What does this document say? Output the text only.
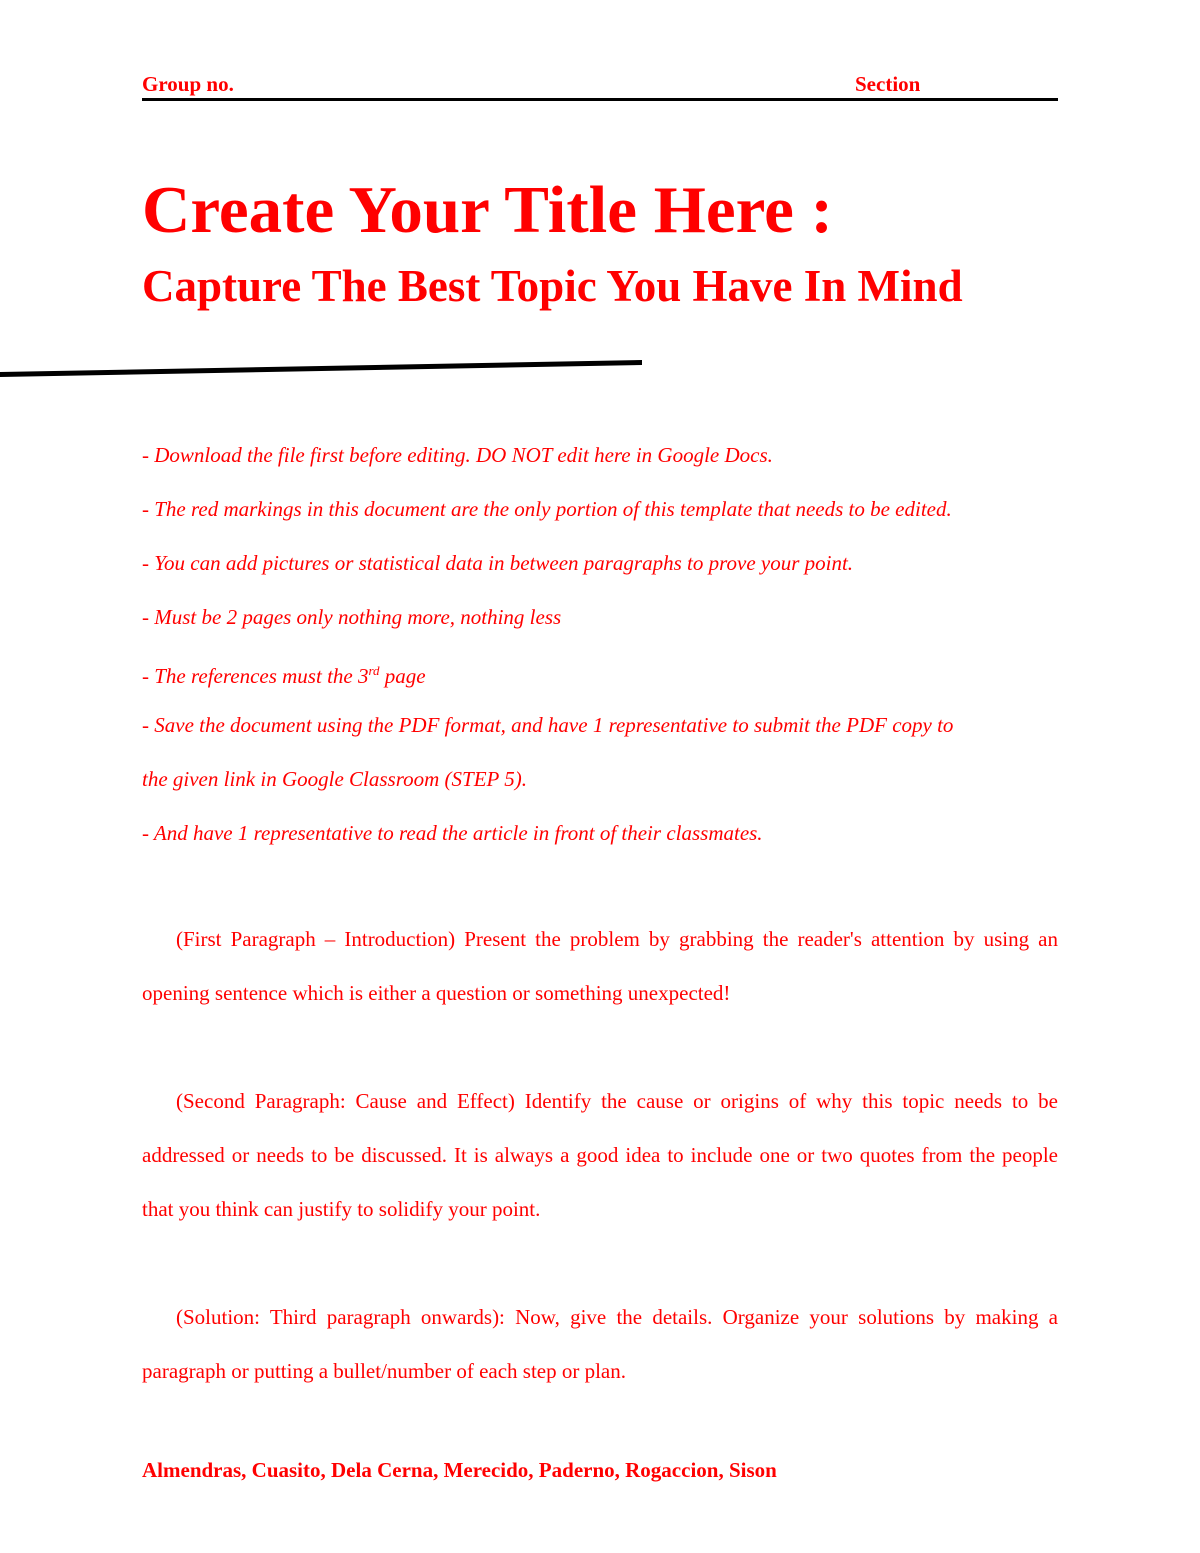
Group no.	Section
Create Your Title Here :
Capture The Best Topic You Have In Mind
- Download the file first before editing. DO NOT edit here in Google Docs.
- The red markings in this document are the only portion of this template that needs to be edited.
- You can add pictures or statistical data in between paragraphs to prove your point.
- Must be 2 pages only nothing more, nothing less
- The references must the 3rd page
- Save the document using the PDF format, and have 1 representative to submit the PDF copy to
the given link in Google Classroom (STEP 5).
- And have 1 representative to read the article in front of their classmates.
(First Paragraph – Introduction) Present the problem by grabbing the reader's attention by using an opening sentence which is either a question or something unexpected!
(Second Paragraph: Cause and Effect) Identify the cause or origins of why this topic needs to be addressed or needs to be discussed. It is always a good idea to include one or two quotes from the people that you think can justify to solidify your point.
(Solution: Third paragraph onwards): Now, give the details. Organize your solutions by making a paragraph or putting a bullet/number of each step or plan.
Almendras, Cuasito, Dela Cerna, Merecido, Paderno, Rogaccion, Sison
